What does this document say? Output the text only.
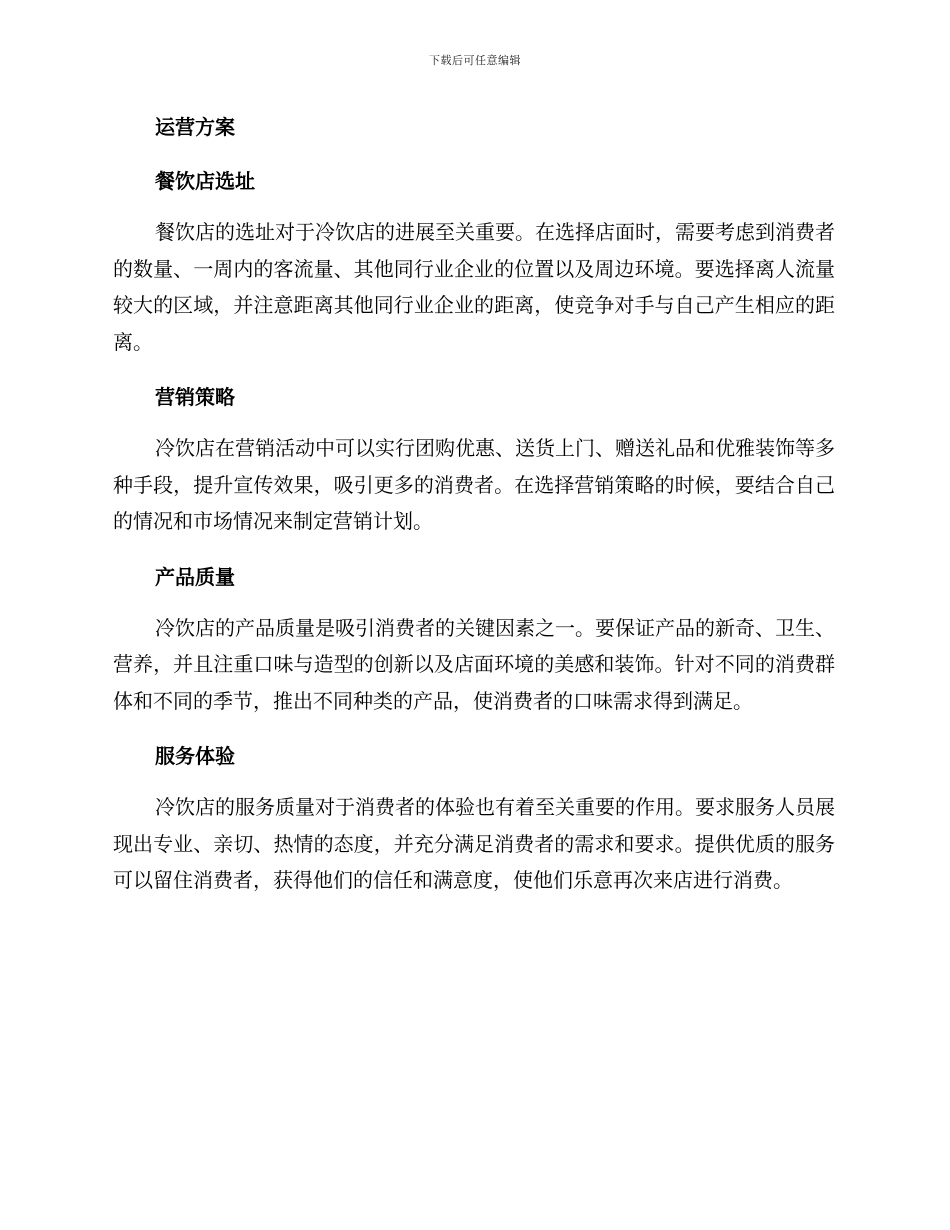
下载后可任意编辑
运营方案
餐饮店选址

餐饮店的选址对于冷饮店的进展至关重要。在选择店面时，需要考虑到消费者的数量、一周内的客流量、其他同行业企业的位置以及周边环境。要选择离人流量较大的区域，并注意距离其他同行业企业的距离，使竞争对手与自己产生相应的距离。

营销策略

冷饮店在营销活动中可以实行团购优惠、送货上门、赠送礼品和优雅装饰等多种手段，提升宣传效果，吸引更多的消费者。在选择营销策略的时候，要结合自己的情况和市场情况来制定营销计划。

产品质量

冷饮店的产品质量是吸引消费者的关键因素之一。要保证产品的新奇、卫生、营养，并且注重口味与造型的创新以及店面环境的美感和装饰。针对不同的消费群体和不同的季节，推出不同种类的产品，使消费者的口味需求得到满足。

服务体验

冷饮店的服务质量对于消费者的体验也有着至关重要的作用。要求服务人员展现出专业、亲切、热情的态度，并充分满足消费者的需求和要求。提供优质的服务可以留住消费者，获得他们的信任和满意度，使他们乐意再次来店进行消费。
